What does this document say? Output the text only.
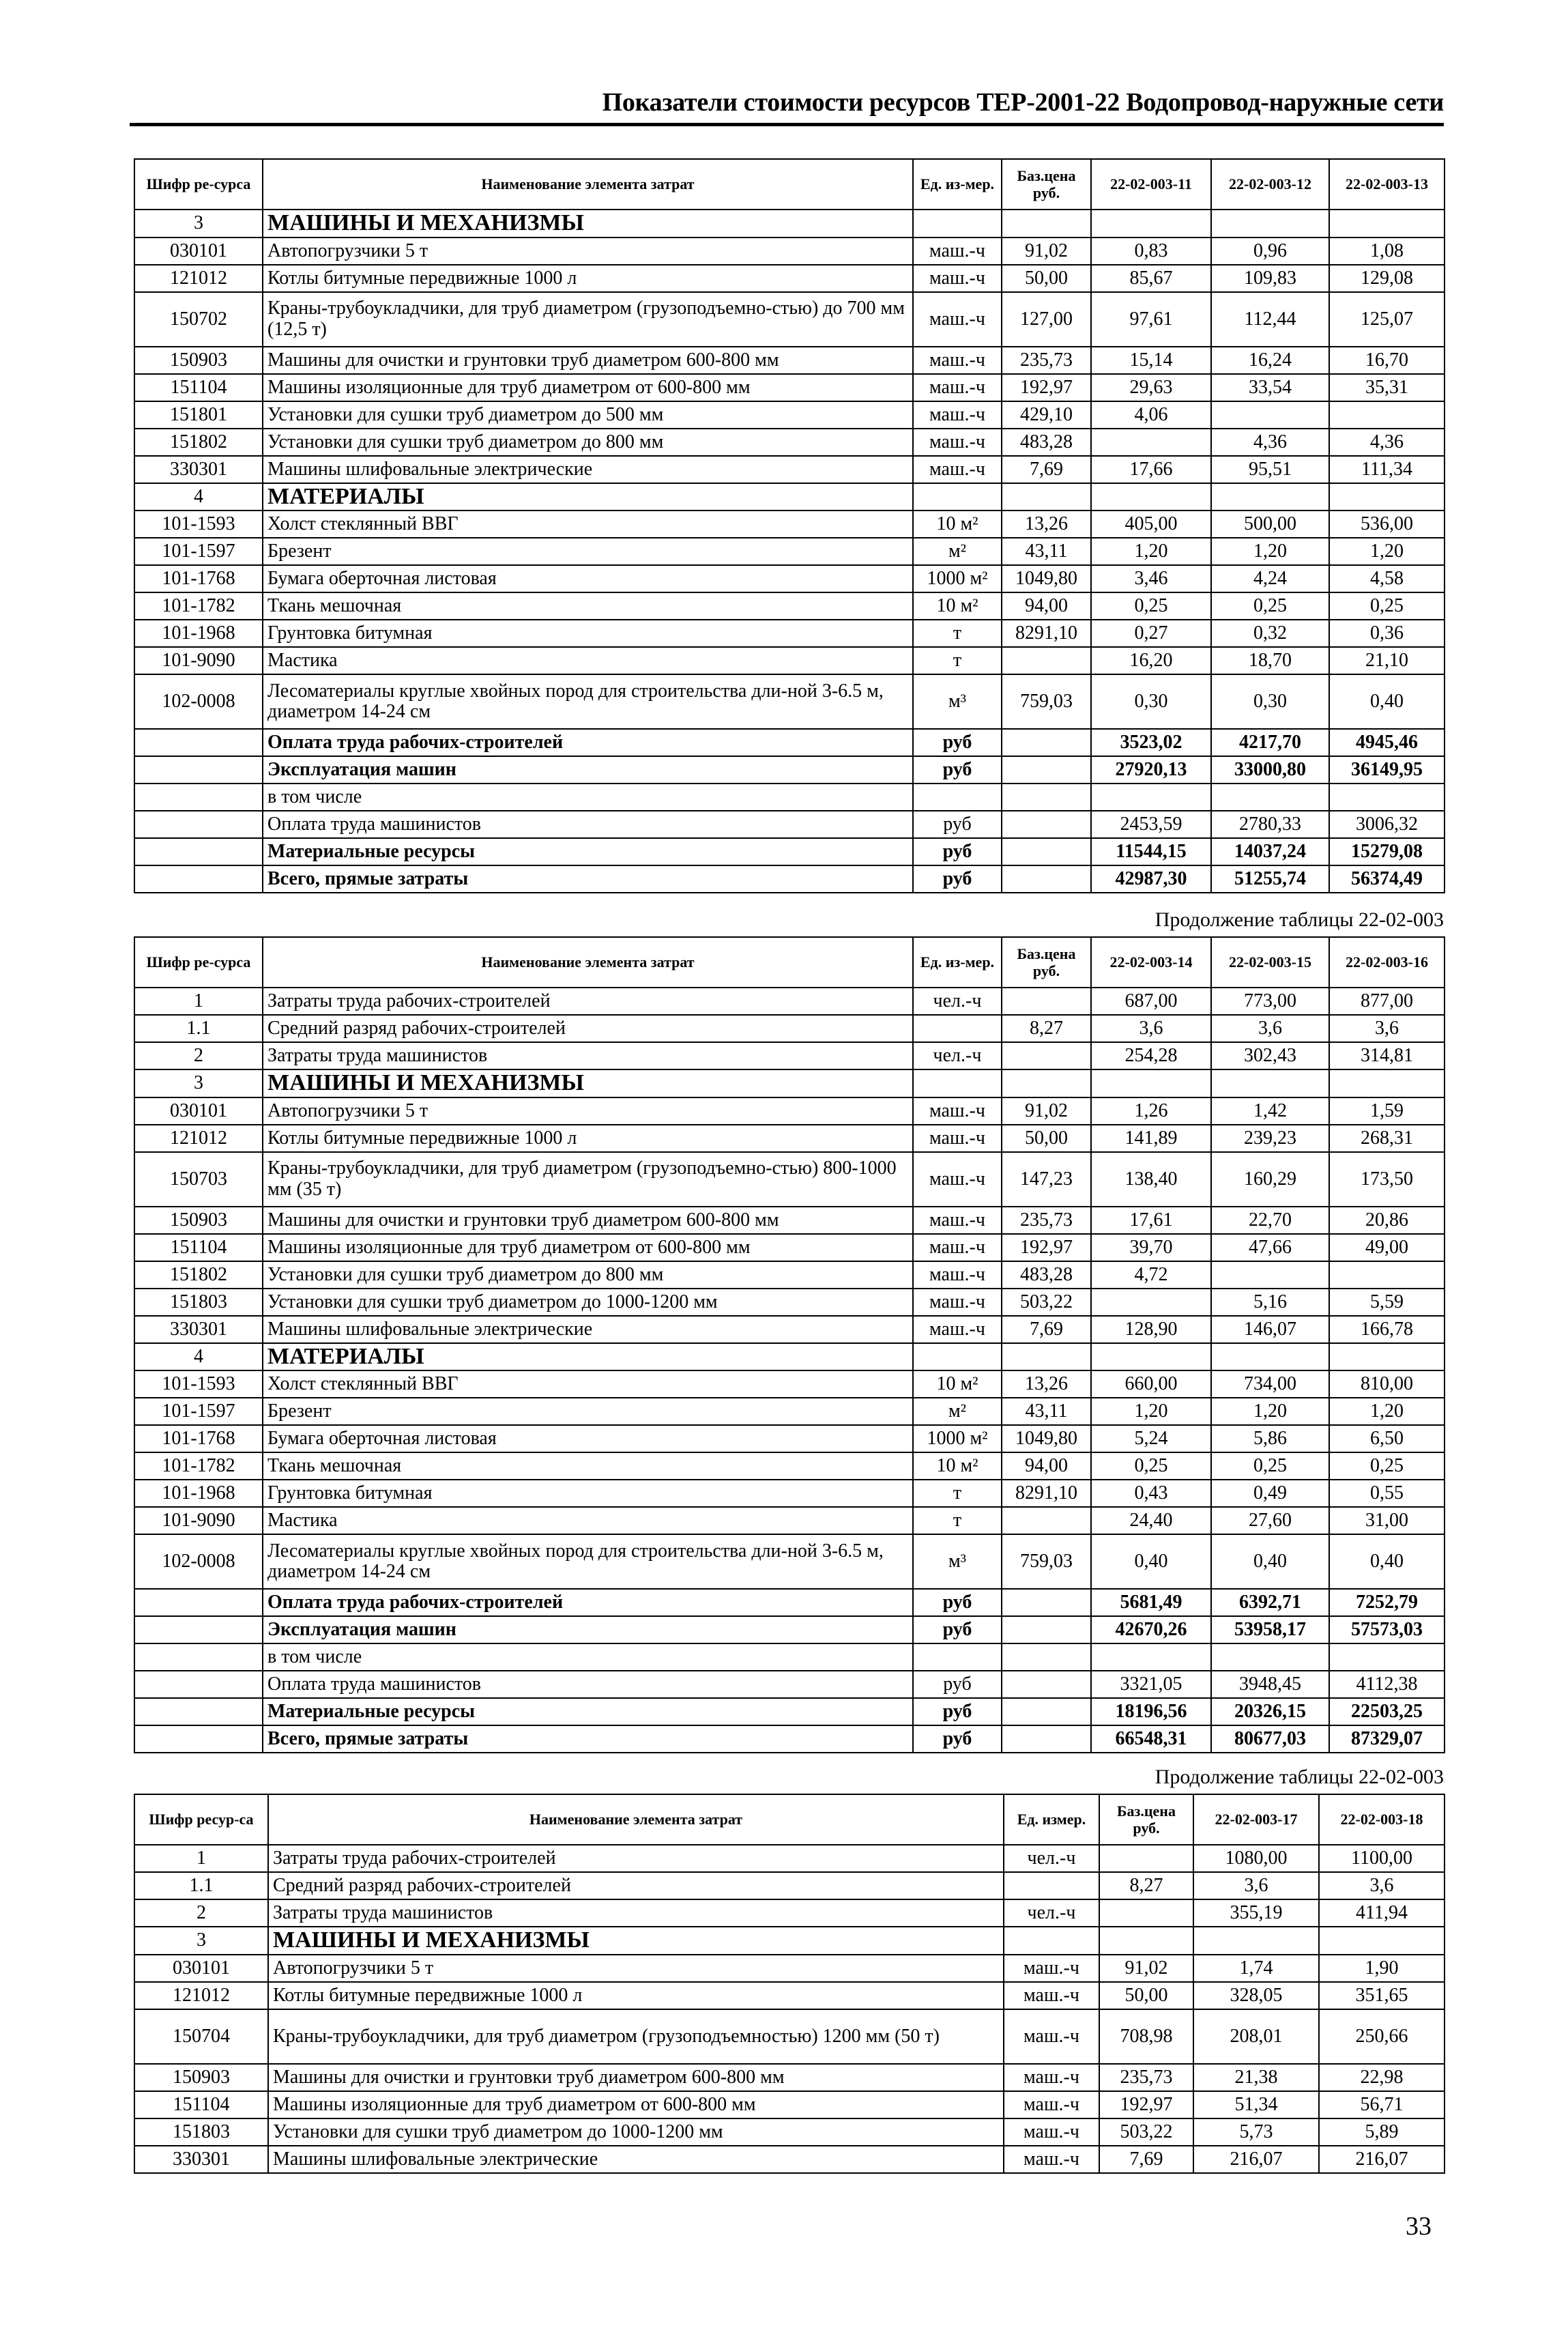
Показатели стоимости ресурсов ТЕР-2001-22 Водопровод-наружные сети
Шифр ре-сурса	Наименование элемента затрат	Ед. из-мер.	Баз.цена руб.	22-02-003-11	22-02-003-12	22-02-003-13
3	МАШИНЫ И МЕХАНИЗМЫ					
030101	Автопогрузчики 5 т	маш.-ч	91,02	0,83	0,96	1,08
121012	Котлы битумные передвижные 1000 л	маш.-ч	50,00	85,67	109,83	129,08
150702	Краны-трубоукладчики, для труб диаметром (грузоподъемно-стью) до 700 мм (12,5 т)	маш.-ч	127,00	97,61	112,44	125,07
150903	Машины для очистки и грунтовки труб диаметром 600-800 мм	маш.-ч	235,73	15,14	16,24	16,70
151104	Машины изоляционные для труб диаметром от 600-800 мм	маш.-ч	192,97	29,63	33,54	35,31
151801	Установки для сушки труб диаметром до 500 мм	маш.-ч	429,10	4,06		
151802	Установки для сушки труб диаметром до 800 мм	маш.-ч	483,28		4,36	4,36
330301	Машины шлифовальные электрические	маш.-ч	7,69	17,66	95,51	111,34
4	МАТЕРИАЛЫ					
101-1593	Холст стеклянный ВВГ	10 м²	13,26	405,00	500,00	536,00
101-1597	Брезент	м²	43,11	1,20	1,20	1,20
101-1768	Бумага оберточная листовая	1000 м²	1049,80	3,46	4,24	4,58
101-1782	Ткань мешочная	10 м²	94,00	0,25	0,25	0,25
101-1968	Грунтовка битумная	т	8291,10	0,27	0,32	0,36
101-9090	Мастика	т		16,20	18,70	21,10
102-0008	Лесоматериалы круглые хвойных пород для строительства дли-ной 3-6.5 м, диаметром 14-24 см	м³	759,03	0,30	0,30	0,40
	Оплата труда рабочих-строителей	руб		3523,02	4217,70	4945,46
	Эксплуатация машин	руб		27920,13	33000,80	36149,95
	в том числе					
	Оплата труда машинистов	руб		2453,59	2780,33	3006,32
	Материальные ресурсы	руб		11544,15	14037,24	15279,08
	Всего, прямые затраты	руб		42987,30	51255,74	56374,49
Продолжение таблицы 22-02-003
Шифр ре-сурса	Наименование элемента затрат	Ед. из-мер.	Баз.цена руб.	22-02-003-14	22-02-003-15	22-02-003-16
1	Затраты труда рабочих-строителей	чел.-ч		687,00	773,00	877,00
1.1	Средний разряд рабочих-строителей		8,27	3,6	3,6	3,6
2	Затраты труда машинистов	чел.-ч		254,28	302,43	314,81
3	МАШИНЫ И МЕХАНИЗМЫ					
030101	Автопогрузчики 5 т	маш.-ч	91,02	1,26	1,42	1,59
121012	Котлы битумные передвижные 1000 л	маш.-ч	50,00	141,89	239,23	268,31
150703	Краны-трубоукладчики, для труб диаметром (грузоподъемно-стью) 800-1000 мм (35 т)	маш.-ч	147,23	138,40	160,29	173,50
150903	Машины для очистки и грунтовки труб диаметром 600-800 мм	маш.-ч	235,73	17,61	22,70	20,86
151104	Машины изоляционные для труб диаметром от 600-800 мм	маш.-ч	192,97	39,70	47,66	49,00
151802	Установки для сушки труб диаметром до 800 мм	маш.-ч	483,28	4,72		
151803	Установки для сушки труб диаметром до 1000-1200 мм	маш.-ч	503,22		5,16	5,59
330301	Машины шлифовальные электрические	маш.-ч	7,69	128,90	146,07	166,78
4	МАТЕРИАЛЫ					
101-1593	Холст стеклянный ВВГ	10 м²	13,26	660,00	734,00	810,00
101-1597	Брезент	м²	43,11	1,20	1,20	1,20
101-1768	Бумага оберточная листовая	1000 м²	1049,80	5,24	5,86	6,50
101-1782	Ткань мешочная	10 м²	94,00	0,25	0,25	0,25
101-1968	Грунтовка битумная	т	8291,10	0,43	0,49	0,55
101-9090	Мастика	т		24,40	27,60	31,00
102-0008	Лесоматериалы круглые хвойных пород для строительства дли-ной 3-6.5 м, диаметром 14-24 см	м³	759,03	0,40	0,40	0,40
	Оплата труда рабочих-строителей	руб		5681,49	6392,71	7252,79
	Эксплуатация машин	руб		42670,26	53958,17	57573,03
	в том числе					
	Оплата труда машинистов	руб		3321,05	3948,45	4112,38
	Материальные ресурсы	руб		18196,56	20326,15	22503,25
	Всего, прямые затраты	руб		66548,31	80677,03	87329,07
Продолжение таблицы 22-02-003
Шифр ресур-са	Наименование элемента затрат	Ед. измер.	Баз.цена руб.	22-02-003-17	22-02-003-18
1	Затраты труда рабочих-строителей	чел.-ч		1080,00	1100,00
1.1	Средний разряд рабочих-строителей		8,27	3,6	3,6
2	Затраты труда машинистов	чел.-ч		355,19	411,94
3	МАШИНЫ И МЕХАНИЗМЫ				
030101	Автопогрузчики 5 т	маш.-ч	91,02	1,74	1,90
121012	Котлы битумные передвижные 1000 л	маш.-ч	50,00	328,05	351,65
150704	Краны-трубоукладчики, для труб диаметром (грузоподъемностью) 1200 мм (50 т)	маш.-ч	708,98	208,01	250,66
150903	Машины для очистки и грунтовки труб диаметром 600-800 мм	маш.-ч	235,73	21,38	22,98
151104	Машины изоляционные для труб диаметром от 600-800 мм	маш.-ч	192,97	51,34	56,71
151803	Установки для сушки труб диаметром до 1000-1200 мм	маш.-ч	503,22	5,73	5,89
330301	Машины шлифовальные электрические	маш.-ч	7,69	216,07	216,07
33
